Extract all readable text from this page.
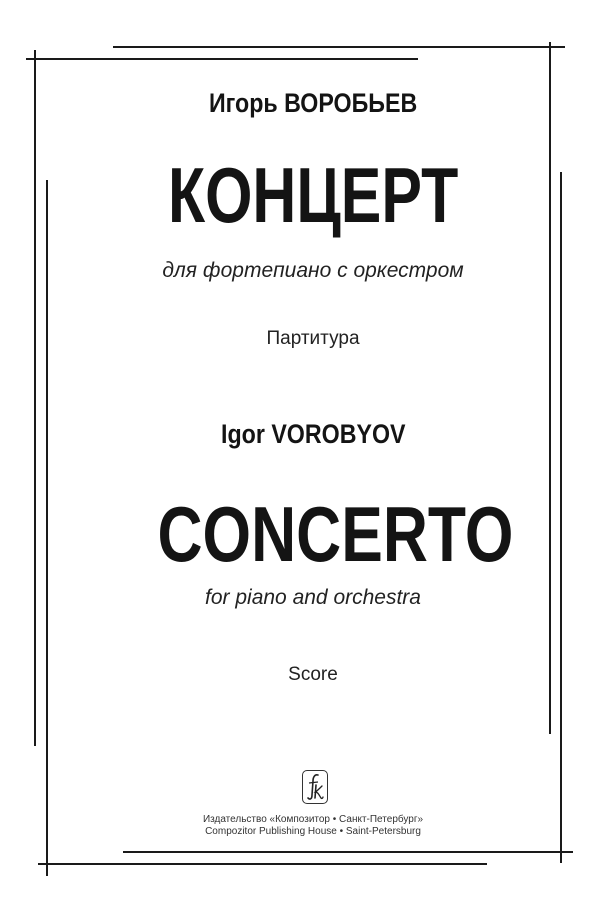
Игорь ВОРОБЬЕВ
КОНЦЕРТ
для фортепиано с оркестром
Партитура
Igor VOROBYOV
CONCERTO
for piano and orchestra
Score
Издательство «Композитор • Санкт-Петербург»
Compozitor Publishing House • Saint-Petersburg
